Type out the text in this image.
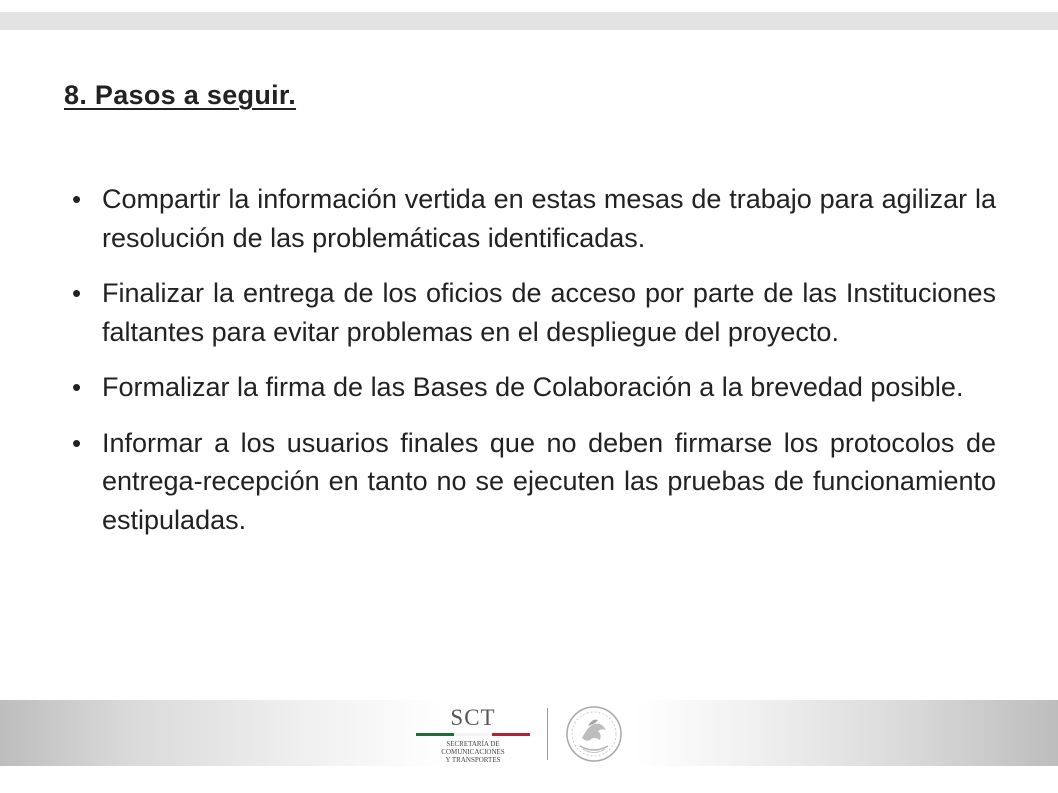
8. Pasos a seguir.
• Compartir la información vertida en estas mesas de trabajo para agilizar la resolución de las problemáticas identificadas.
• Finalizar la entrega de los oficios de acceso por parte de las Instituciones faltantes para evitar problemas en el despliegue del proyecto.
• Formalizar la firma de las Bases de Colaboración a la brevedad posible.
• Informar a los usuarios finales que no deben firmarse los protocolos de entrega-recepción en tanto no se ejecuten las pruebas de funcionamiento estipuladas.
SCT
SECRETARÍA DE
COMUNICACIONES
Y TRANSPORTES
